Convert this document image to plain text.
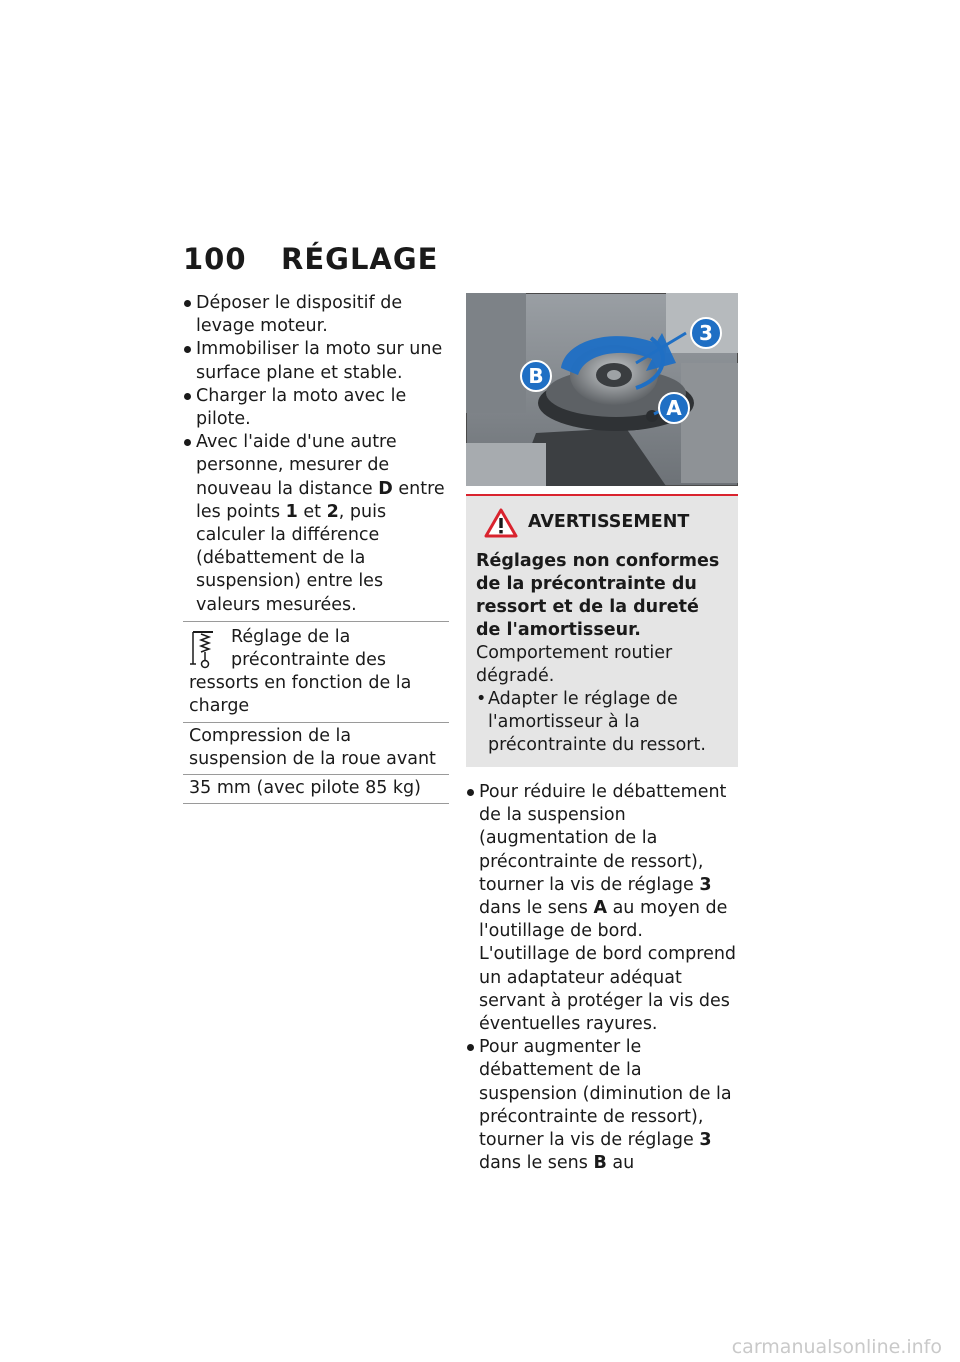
100 RÉGLAGE
Déposer le dispositif de levage moteur.
Immobiliser la moto sur une surface plane et stable.
Charger la moto avec le pilote.
Avec l'aide d'une autre personne, mesurer de nouveau la distance D entre les points 1 et 2, puis calculer la différence (débattement de la suspension) entre les valeurs mesurées.
Réglage de la précontrainte des ressorts en fonction de la charge
Compression de la suspension de la roue avant
35 mm (avec pilote 85 kg)
3
B
A
AVERTISSEMENT
Réglages non conformes de la précontrainte du ressort et de la dureté de l'amortisseur.
Comportement routier dégradé.
• Adapter le réglage de l'amortisseur à la précontrainte du ressort.
Pour réduire le débattement de la suspension (augmentation de la précontrainte de ressort), tourner la vis de réglage 3 dans le sens A au moyen de l'outillage de bord. L'outillage de bord comprend un adaptateur adéquat servant à protéger la vis des éventuelles rayures.
Pour augmenter le débattement de la suspension (diminution de la précontrainte de ressort), tourner la vis de réglage 3 dans le sens B au
carmanualsonline.info
